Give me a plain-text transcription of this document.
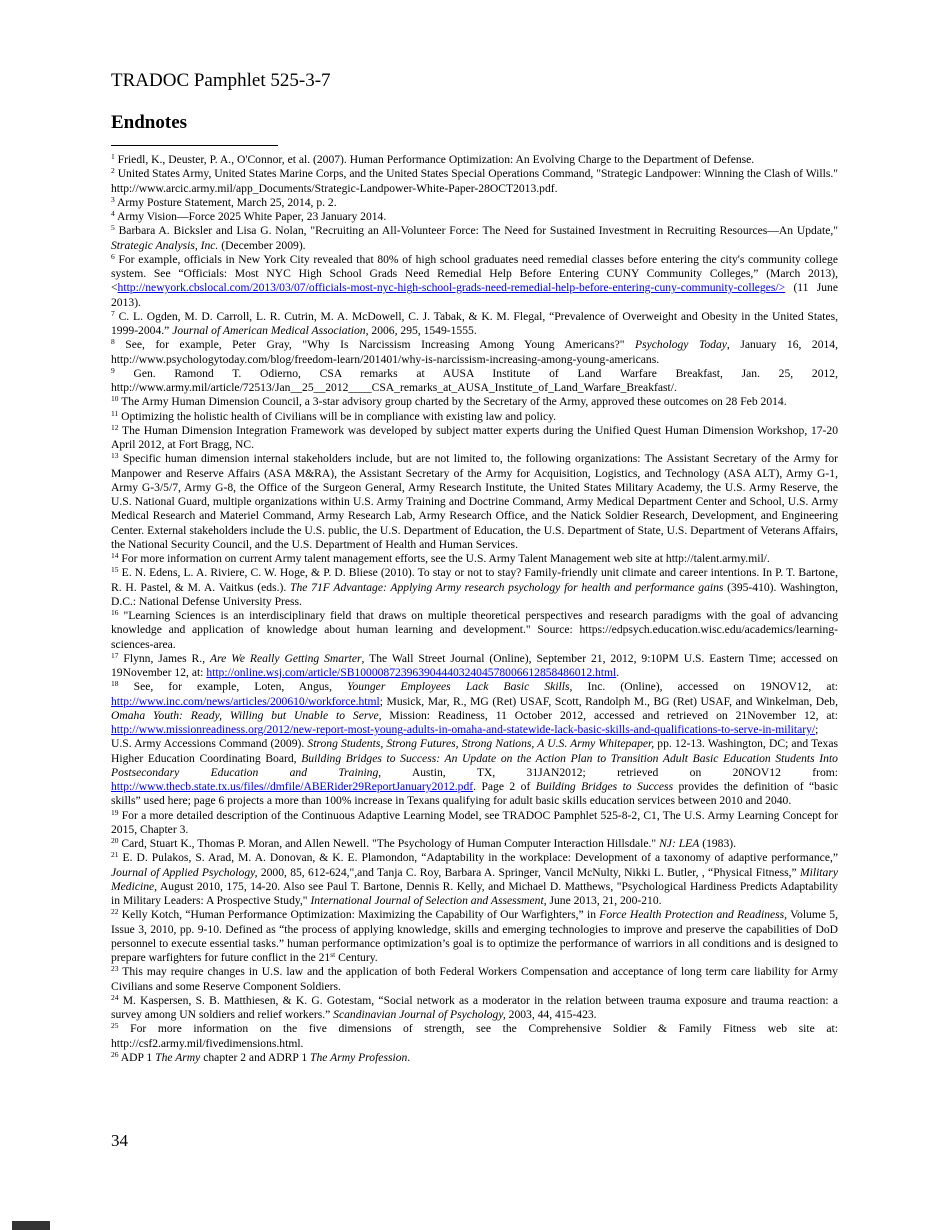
TRADOC Pamphlet 525-3-7
Endnotes

$^1$ Friedl, K., Deuster, P. A., O'Connor, et al. (2007). Human Performance Optimization: An Evolving Charge to the Department of Defense.

$^2$ United States Army, United States Marine Corps, and the United States Special Operations Command, "Strategic Landpower: Winning the Clash of Wills." http://www.arcic.army.mil/app_Documents/Strategic-Landpower-White-Paper-28OCT2013.pdf.

$^3$ Army Posture Statement, March 25, 2014, p. 2.

$^4$ Army Vision—Force 2025 White Paper, 23 January 2014.

$^5$ Barbara A. Bicksler and Lisa G. Nolan, "Recruiting an All-Volunteer Force: The Need for Sustained Investment in Recruiting Resources—An Update," Strategic Analysis, Inc. (December 2009).

$^6$ For example, officials in New York City revealed that 80% of high school graduates need remedial classes before entering the city's community college system. See “Officials: Most NYC High School Grads Need Remedial Help Before Entering CUNY Community Colleges,” (March 2013), <http://newyork.cbslocal.com/2013/03/07/officials-most-nyc-high-school-grads-need-remedial-help-before-entering-cuny-community-colleges/> (11 June 2013).

$^7$ C. L. Ogden, M. D. Carroll, L. R. Cutrin, M. A. McDowell, C. J. Tabak, & K. M. Flegal, “Prevalence of Overweight and Obesity in the United States, 1999-2004.” Journal of American Medical Association, 2006, 295, 1549-1555.

$^8$ See, for example, Peter Gray, "Why Is Narcissism Increasing Among Young Americans?" Psychology Today, January 16, 2014, http://www.psychologytoday.com/blog/freedom-learn/201401/why-is-narcissism-increasing-among-young-americans.

$^9$ Gen. Ramond T. Odierno, CSA remarks at AUSA Institute of Land Warfare Breakfast, Jan. 25, 2012, http://www.army.mil/article/72513/Jan__25__2012____CSA_remarks_at_AUSA_Institute_of_Land_Warfare_Breakfast/.

$^{10}$ The Army Human Dimension Council, a 3-star advisory group charted by the Secretary of the Army, approved these outcomes on 28 Feb 2014.

$^{11}$ Optimizing the holistic health of Civilians will be in compliance with existing law and policy.

$^{12}$ The Human Dimension Integration Framework was developed by subject matter experts during the Unified Quest Human Dimension Workshop, 17-20 April 2012, at Fort Bragg, NC.

$^{13}$ Specific human dimension internal stakeholders include, but are not limited to, the following organizations: The Assistant Secretary of the Army for Manpower and Reserve Affairs (ASA M&RA), the Assistant Secretary of the Army for Acquisition, Logistics, and Technology (ASA ALT), Army G-1, Army G-3/5/7, Army G-8, the Office of the Surgeon General, Army Research Institute, the United States Military Academy, the U.S. Army Reserve, the U.S. National Guard, multiple organizations within U.S. Army Training and Doctrine Command, Army Medical Department Center and School, U.S. Army Medical Research and Materiel Command, Army Research Lab, Army Research Office, and the Natick Soldier Research, Development, and Engineering Center. External stakeholders include the U.S. public, the U.S. Department of Education, the U.S. Department of State, U.S. Department of Veterans Affairs, the National Security Council, and the U.S. Department of Health and Human Services.

$^{14}$ For more information on current Army talent management efforts, see the U.S. Army Talent Management web site at http://talent.army.mil/.

$^{15}$ E. N. Edens, L. A. Riviere, C. W. Hoge, & P. D. Bliese (2010). To stay or not to stay? Family-friendly unit climate and career intentions. In P. T. Bartone, R. H. Pastel, & M. A. Vaitkus (eds.). The 71F Advantage: Applying Army research psychology for health and performance gains (395-410). Washington, D.C.: National Defense University Press.

$^{16}$ "Learning Sciences is an interdisciplinary field that draws on multiple theoretical perspectives and research paradigms with the goal of advancing knowledge and application of knowledge about human learning and development." Source: https://edpsych.education.wisc.edu/academics/learning-sciences-area.

$^{17}$ Flynn, James R., Are We Really Getting Smarter, The Wall Street Journal (Online), September 21, 2012, 9:10PM U.S. Eastern Time; accessed on 19November 12, at: http://online.wsj.com/article/SB10000872396390444032404578006612858486012.html.

$^{18}$ See, for example, Loten, Angus, Younger Employees Lack Basic Skills, Inc. (Online), accessed on 19NOV12, at: http://www.inc.com/news/articles/200610/workforce.html; Musick, Mar, R., MG (Ret) USAF, Scott, Randolph M., BG (Ret) USAF, and Winkelman, Deb, Omaha Youth: Ready, Willing but Unable to Serve, Mission: Readiness, 11 October 2012, accessed and retrieved on 21November 12, at: http://www.missionreadiness.org/2012/new-report-most-young-adults-in-omaha-and-statewide-lack-basic-skills-and-qualifications-to-serve-in-military/; U.S. Army Accessions Command (2009). Strong Students, Strong Futures, Strong Nations, A U.S. Army Whitepaper, pp. 12-13. Washington, DC; and Texas Higher Education Coordinating Board, Building Bridges to Success: An Update on the Action Plan to Transition Adult Basic Education Students Into Postsecondary Education and Training, Austin, TX, 31JAN2012; retrieved on 20NOV12 from: http://www.thecb.state.tx.us/files//dmfile/ABERider29ReportJanuary2012.pdf. Page 2 of Building Bridges to Success provides the definition of “basic skills” used here; page 6 projects a more than 100% increase in Texans qualifying for adult basic skills education services between 2010 and 2040.

$^{19}$ For a more detailed description of the Continuous Adaptive Learning Model, see TRADOC Pamphlet 525-8-2, C1, The U.S. Army Learning Concept for 2015, Chapter 3.

$^{20}$ Card, Stuart K., Thomas P. Moran, and Allen Newell. "The Psychology of Human Computer Interaction Hillsdale." NJ: LEA (1983).

$^{21}$ E. D. Pulakos, S. Arad, M. A. Donovan, & K. E. Plamondon, “Adaptability in the workplace: Development of a taxonomy of adaptive performance,” Journal of Applied Psychology, 2000, 85, 612-624,",and Tanja C. Roy, Barbara A. Springer, Vancil McNulty, Nikki L. Butler, , “Physical Fitness,” Military Medicine, August 2010, 175, 14-20. Also see Paul T. Bartone, Dennis R. Kelly, and Michael D. Matthews, "Psychological Hardiness Predicts Adaptability in Military Leaders: A Prospective Study," International Journal of Selection and Assessment, June 2013, 21, 200-210.

$^{22}$ Kelly Kotch, “Human Performance Optimization: Maximizing the Capability of Our Warfighters,” in Force Health Protection and Readiness, Volume 5, Issue 3, 2010, pp. 9-10. Defined as “the process of applying knowledge, skills and emerging technologies to improve and preserve the capabilities of DoD personnel to execute essential tasks.” human performance optimization’s goal is to optimize the performance of warriors in all conditions and is designed to prepare warfighters for future conflict in the 21st Century.

$^{23}$ This may require changes in U.S. law and the application of both Federal Workers Compensation and acceptance of long term care liability for Army Civilians and some Reserve Component Soldiers.

$^{24}$ M. Kaspersen, S. B. Matthiesen, & K. G. Gotestam, “Social network as a moderator in the relation between trauma exposure and trauma reaction: a survey among UN soldiers and relief workers.” Scandinavian Journal of Psychology, 2003, 44, 415-423.

$^{25}$ For more information on the five dimensions of strength, see the Comprehensive Soldier & Family Fitness web site at: http://csf2.army.mil/fivedimensions.html.

$^{26}$ ADP 1 The Army chapter 2 and ADRP 1 The Army Profession.

34
